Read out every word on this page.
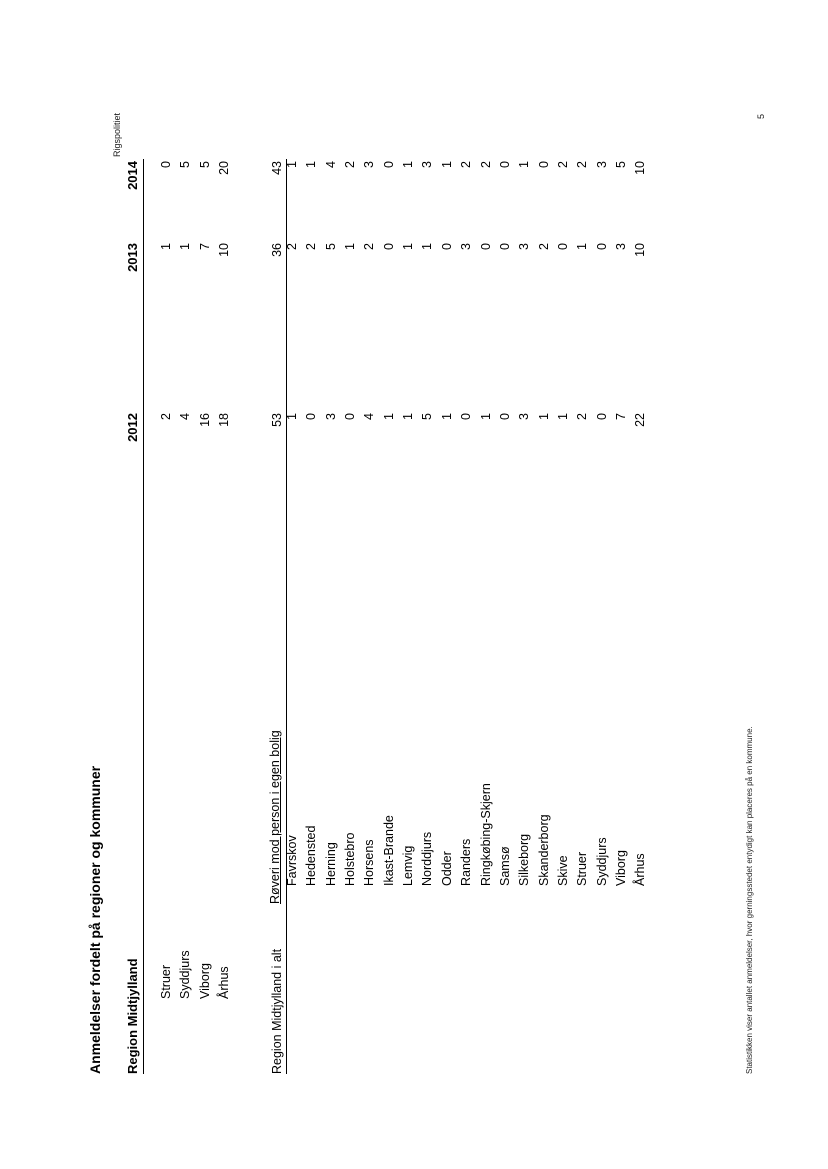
Rigspolitiet	5
Anmeldelser fordelt på regioner og kommuner Region Midtjylland
2012
2013
2014
Struer
2
1
0
Syddjurs
4
1
5
Viborg
16
7
5
Århus
18
10
20
Røveri mod person i egen bolig
Region Midtjylland i alt
53
36
43
Favrskov
1
2
1
Hedensted
0
2
1
Herning
3
5
4
Holstebro
0
1
2
Horsens
4
2
3
Ikast-Brande
1
0
0
Lemvig
1
1
1
Norddjurs
5
1
3
Odder
1
0
1
Randers
0
3
2
Ringkøbing-Skjern
1
0
2
Samsø
0
0
0
Silkeborg
3
3
1
Skanderborg
1
2
0
Skive
1
0
2
Struer
2
1
2
Syddjurs
0
0
3
Viborg
7
3
5
Århus
22
10
10
Statistikken viser antallet anmeldelser, hvor gerningsstedet entydigt kan placeres på en kommune.
